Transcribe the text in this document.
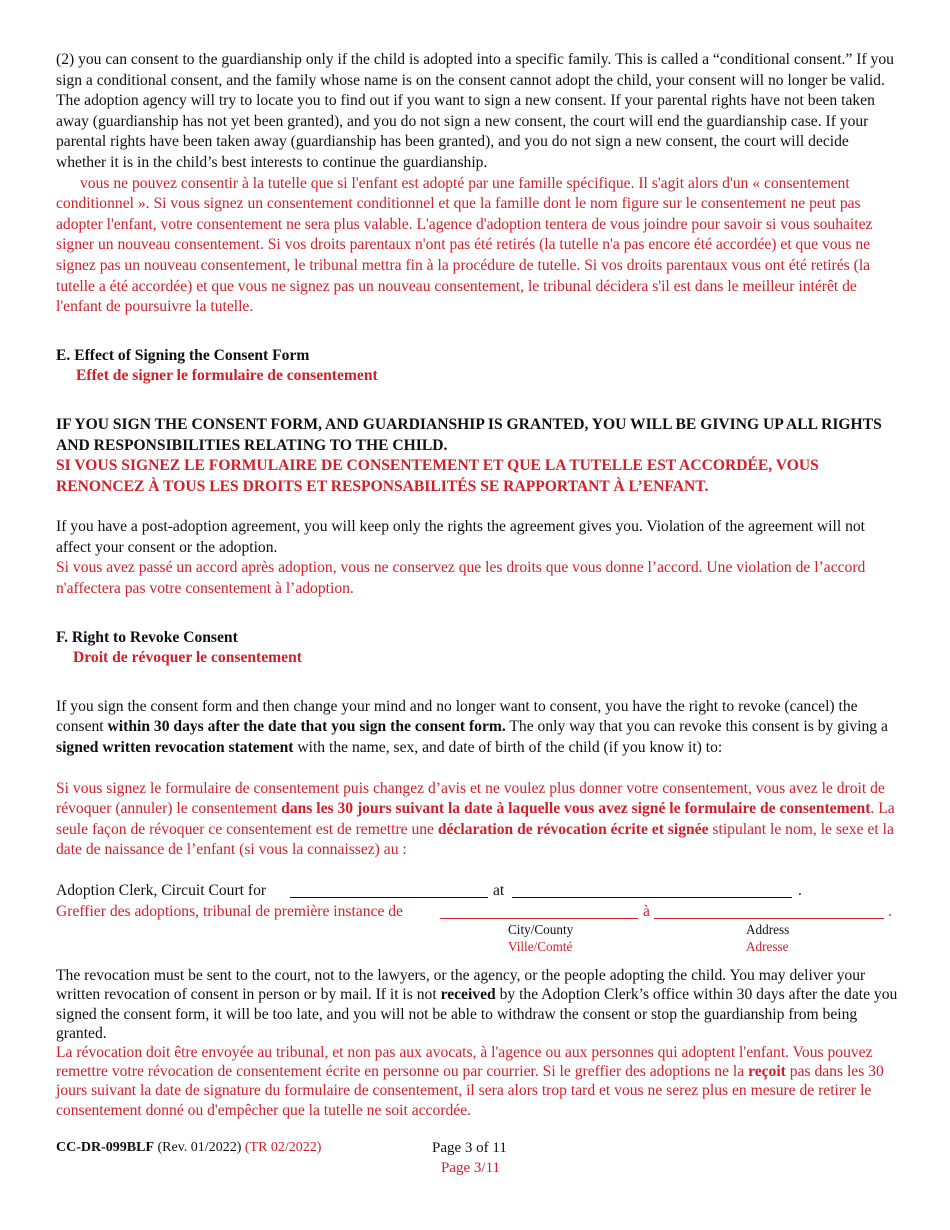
(2) you can consent to the guardianship only if the child is adopted into a specific family. This is called a “conditional consent.” If you sign a conditional consent, and the family whose name is on the consent cannot adopt the child, your consent will no longer be valid. The adoption agency will try to locate you to find out if you want to sign a new consent. If your parental rights have not been taken away (guardianship has not yet been granted), and you do not sign a new consent, the court will end the guardianship case. If your parental rights have been taken away (guardianship has been granted), and you do not sign a new consent, the court will decide whether it is in the child’s best interests to continue the guardianship.

vous ne pouvez consentir à la tutelle que si l'enfant est adopté par une famille spécifique. Il s'agit alors d'un « consentement conditionnel ». Si vous signez un consentement conditionnel et que la famille dont le nom figure sur le consentement ne peut pas adopter l'enfant, votre consentement ne sera plus valable. L'agence d'adoption tentera de vous joindre pour savoir si vous souhaitez signer un nouveau consentement. Si vos droits parentaux n'ont pas été retirés (la tutelle n'a pas encore été accordée) et que vous ne signez pas un nouveau consentement, le tribunal mettra fin à la procédure de tutelle. Si vos droits parentaux vous ont été retirés (la tutelle a été accordée) et que vous ne signez pas un nouveau consentement, le tribunal décidera s'il est dans le meilleur intérêt de l'enfant de poursuivre la tutelle.

E. Effect of Signing the Consent Form

Effet de signer le formulaire de consentement

IF YOU SIGN THE CONSENT FORM, AND GUARDIANSHIP IS GRANTED, YOU WILL BE GIVING UP ALL RIGHTS AND RESPONSIBILITIES RELATING TO THE CHILD.

SI VOUS SIGNEZ LE FORMULAIRE DE CONSENTEMENT ET QUE LA TUTELLE EST ACCORDÉE, VOUS RENONCEZ À TOUS LES DROITS ET RESPONSABILITÉS SE RAPPORTANT À L’ENFANT.

If you have a post-adoption agreement, you will keep only the rights the agreement gives you. Violation of the agreement will not affect your consent or the adoption.

Si vous avez passé un accord après adoption, vous ne conservez que les droits que vous donne l’accord. Une violation de l’accord n'affectera pas votre consentement à l’adoption.

F. Right to Revoke Consent

Droit de révoquer le consentement

If you sign the consent form and then change your mind and no longer want to consent, you have the right to revoke (cancel) the consent within 30 days after the date that you sign the consent form. The only way that you can revoke this consent is by giving a signed written revocation statement with the name, sex, and date of birth of the child (if you know it) to:

Si vous signez le formulaire de consentement puis changez d’avis et ne voulez plus donner votre consentement, vous avez le droit de révoquer (annuler) le consentement dans les 30 jours suivant la date à laquelle vous avez signé le formulaire de consentement. La seule façon de révoquer ce consentement est de remettre une déclaration de révocation écrite et signée stipulant le nom, le sexe et la date de naissance de l’enfant (si vous la connaissez) au :

Adoption Clerk, Circuit Court for	at	.
Greffier des adoptions, tribunal de première instance de	à	.
City/County
Ville/Comté
Address
Adresse

The revocation must be sent to the court, not to the lawyers, or the agency, or the people adopting the child. You may deliver your written revocation of consent in person or by mail. If it is not received by the Adoption Clerk’s office within 30 days after the date you signed the consent form, it will be too late, and you will not be able to withdraw the consent or stop the guardianship from being granted.

La révocation doit être envoyée au tribunal, et non pas aux avocats, à l'agence ou aux personnes qui adoptent l'enfant. Vous pouvez remettre votre révocation de consentement écrite en personne ou par courrier. Si le greffier des adoptions ne la reçoit pas dans les 30 jours suivant la date de signature du formulaire de consentement, il sera alors trop tard et vous ne serez plus en mesure de retirer le consentement donné ou d'empêcher que la tutelle ne soit accordée.

CC-DR-099BLF (Rev. 01/2022) (TR 02/2022)	Page 3 of 11
Page 3/11
